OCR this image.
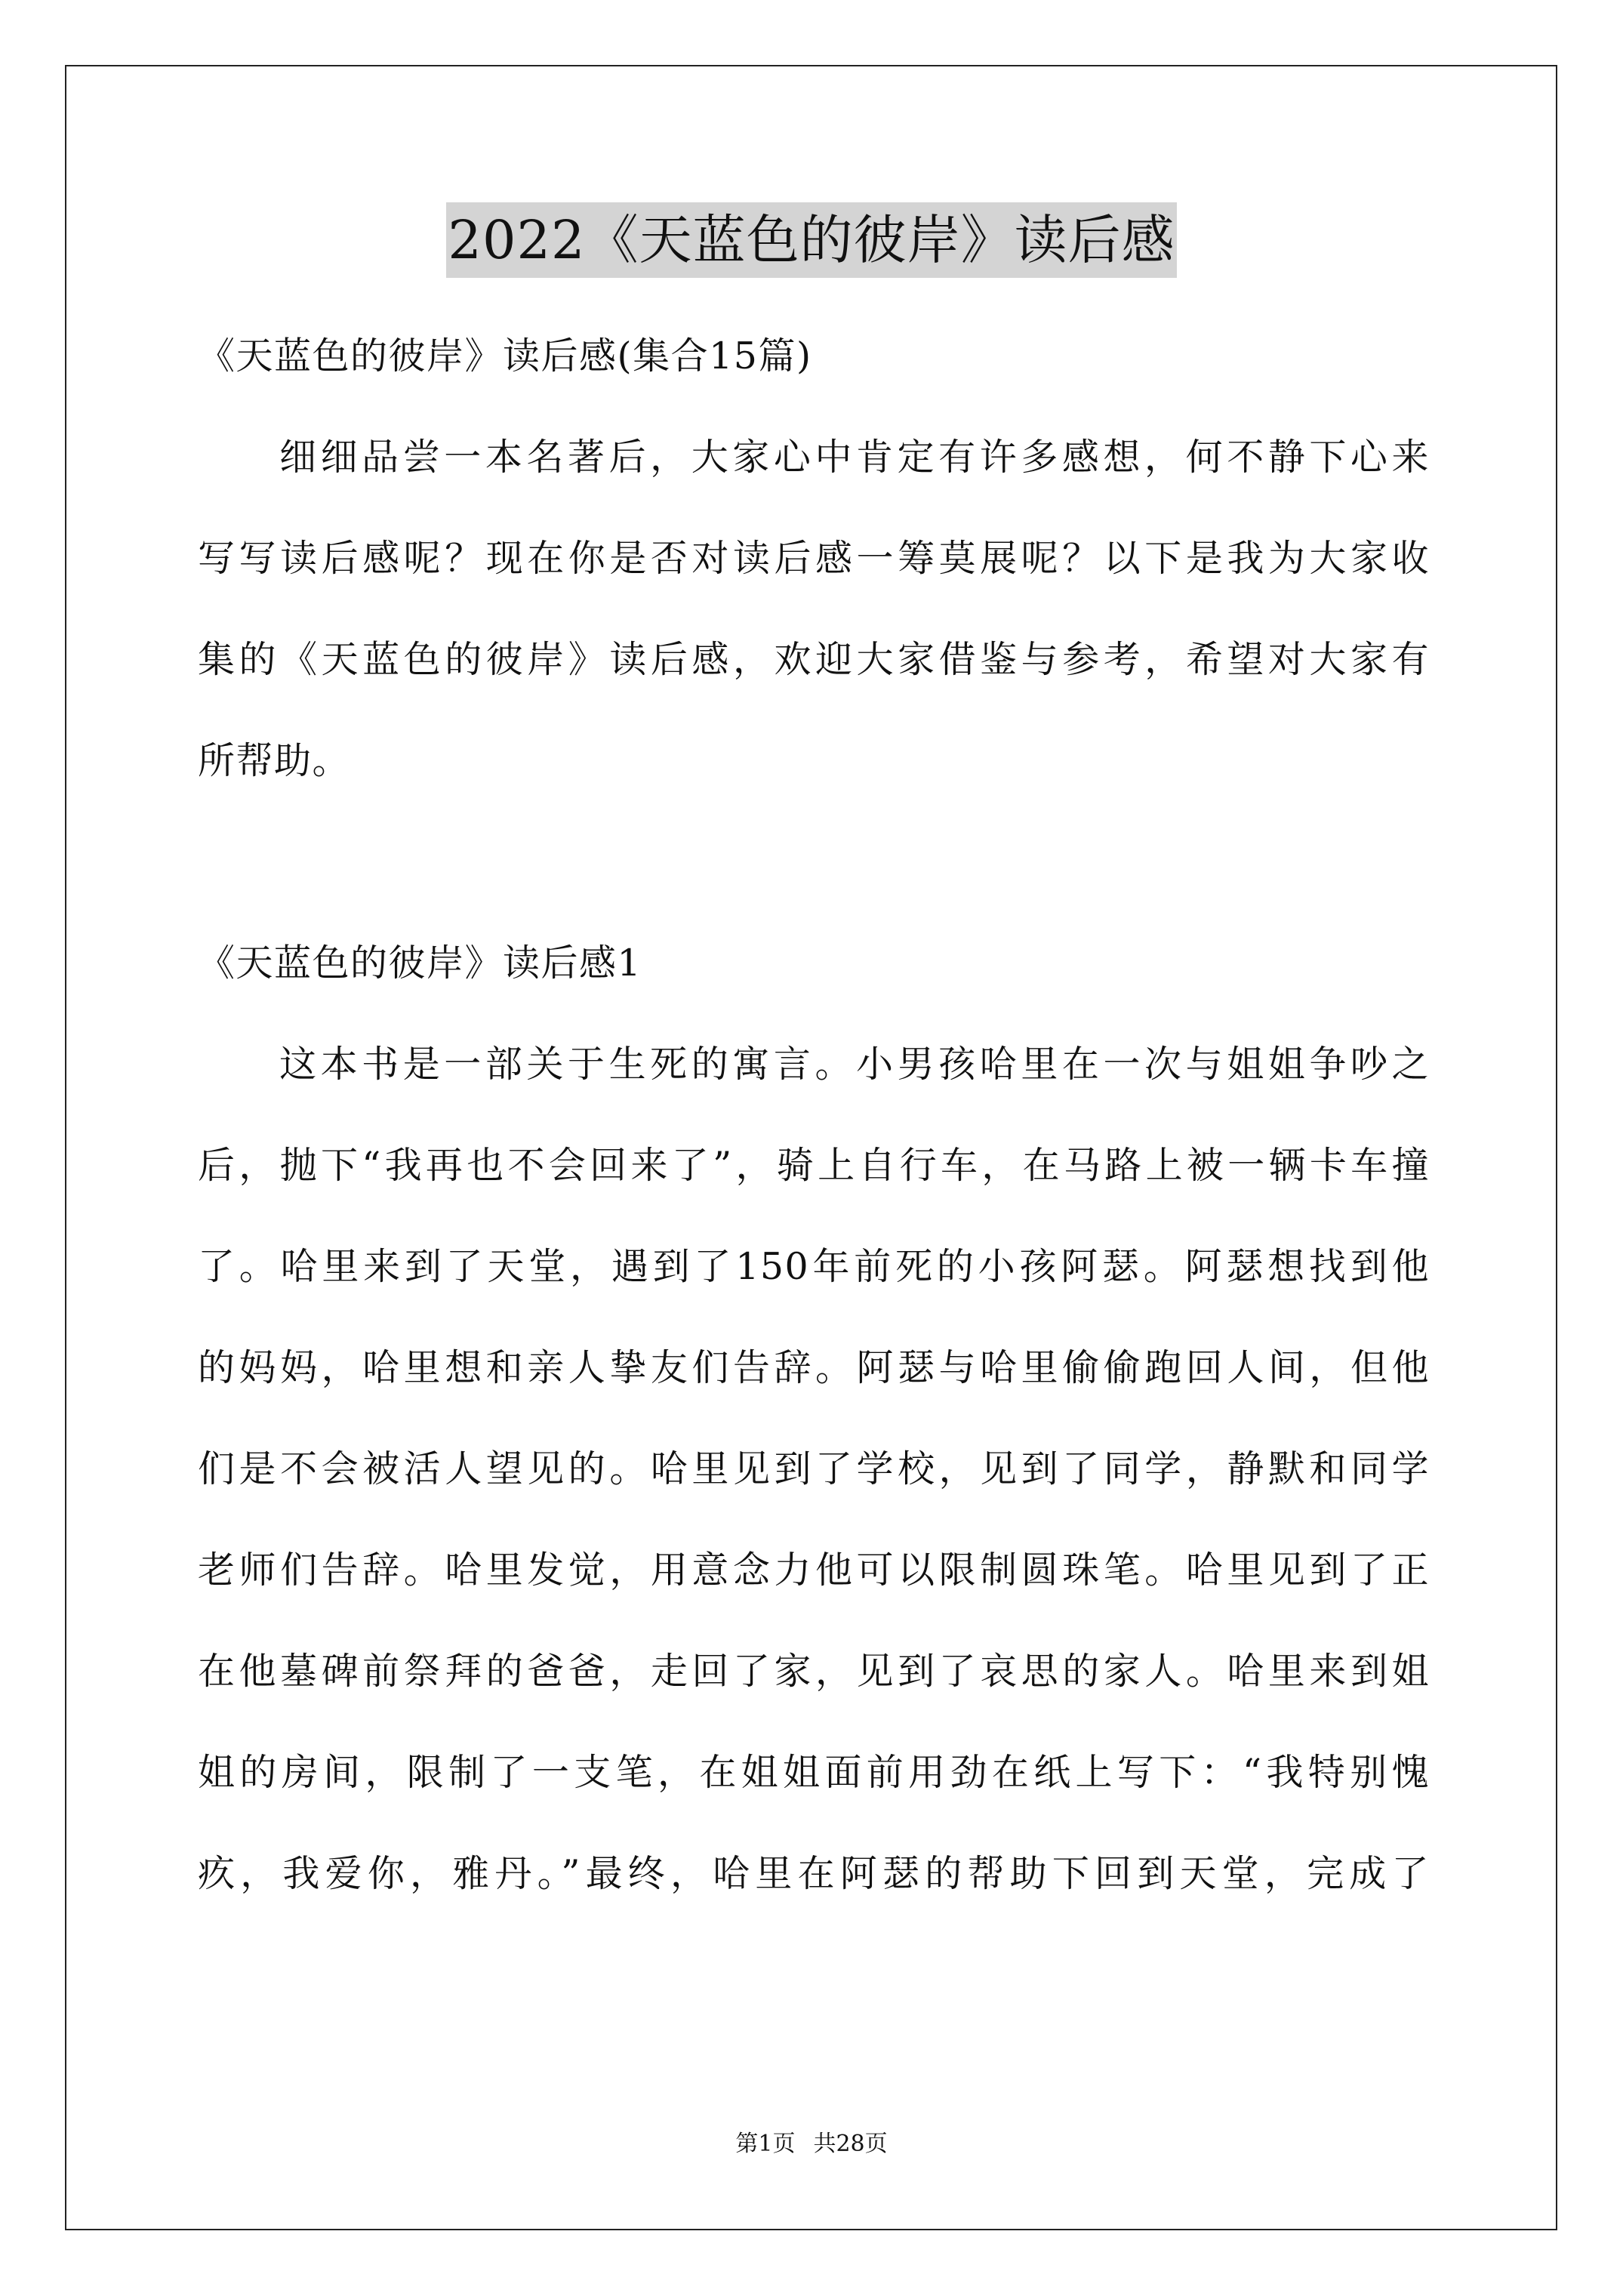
2022《天蓝色的彼岸》读后感
《天蓝色的彼岸》读后感(集合15篇)
细细品尝一本名著后，大家心中肯定有许多感想，何不静下心来
写写读后感呢？现在你是否对读后感一筹莫展呢？以下是我为大家收
集的《天蓝色的彼岸》读后感，欢迎大家借鉴与参考，希望对大家有
所帮助。
《天蓝色的彼岸》读后感1
这本书是一部关于生死的寓言。小男孩哈里在一次与姐姐争吵之
后，抛下“我再也不会回来了”，骑上自行车，在马路上被一辆卡车撞
了。哈里来到了天堂，遇到了150年前死的小孩阿瑟。阿瑟想找到他
的妈妈，哈里想和亲人挚友们告辞。阿瑟与哈里偷偷跑回人间，但他
们是不会被活人望见的。哈里见到了学校，见到了同学，静默和同学
老师们告辞。哈里发觉，用意念力他可以限制圆珠笔。哈里见到了正
在他墓碑前祭拜的爸爸，走回了家，见到了哀思的家人。哈里来到姐
姐的房间，限制了一支笔，在姐姐面前用劲在纸上写下：“我特别愧
疚，我爱你，雅丹。”最终，哈里在阿瑟的帮助下回到天堂，完成了
第1页 共28页
